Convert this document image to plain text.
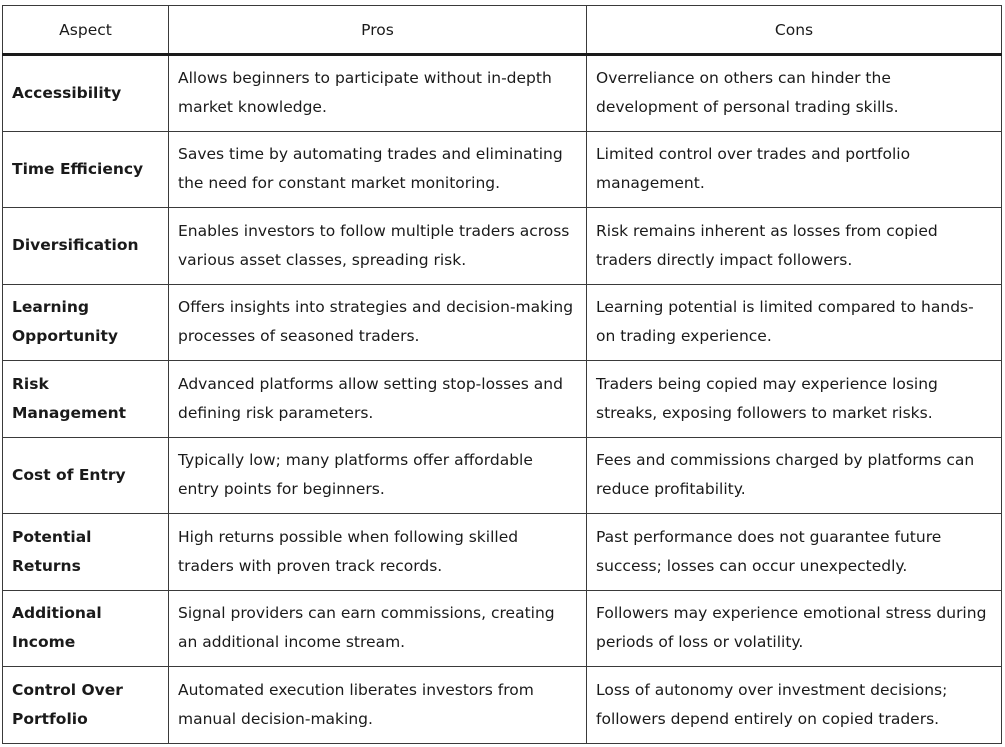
Aspect	Pros	Cons
Accessibility	Allows beginners to participate without in-depth market knowledge.	Overreliance on others can hinder the development of personal trading skills.
Time Efficiency	Saves time by automating trades and eliminating the need for constant market monitoring.	Limited control over trades and portfolio management.
Diversification	Enables investors to follow multiple traders across various asset classes, spreading risk.	Risk remains inherent as losses from copied traders directly impact followers.
Learning Opportunity	Offers insights into strategies and decision-making processes of seasoned traders.	Learning potential is limited compared to hands-on trading experience.
Risk Management	Advanced platforms allow setting stop-losses and defining risk parameters.	Traders being copied may experience losing streaks, exposing followers to market risks.
Cost of Entry	Typically low; many platforms offer affordable entry points for beginners.	Fees and commissions charged by platforms can reduce profitability.
Potential Returns	High returns possible when following skilled traders with proven track records.	Past performance does not guarantee future success; losses can occur unexpectedly.
Additional Income	Signal providers can earn commissions, creating an additional income stream.	Followers may experience emotional stress during periods of loss or volatility.
Control Over Portfolio	Automated execution liberates investors from manual decision-making.	Loss of autonomy over investment decisions; followers depend entirely on copied traders.
